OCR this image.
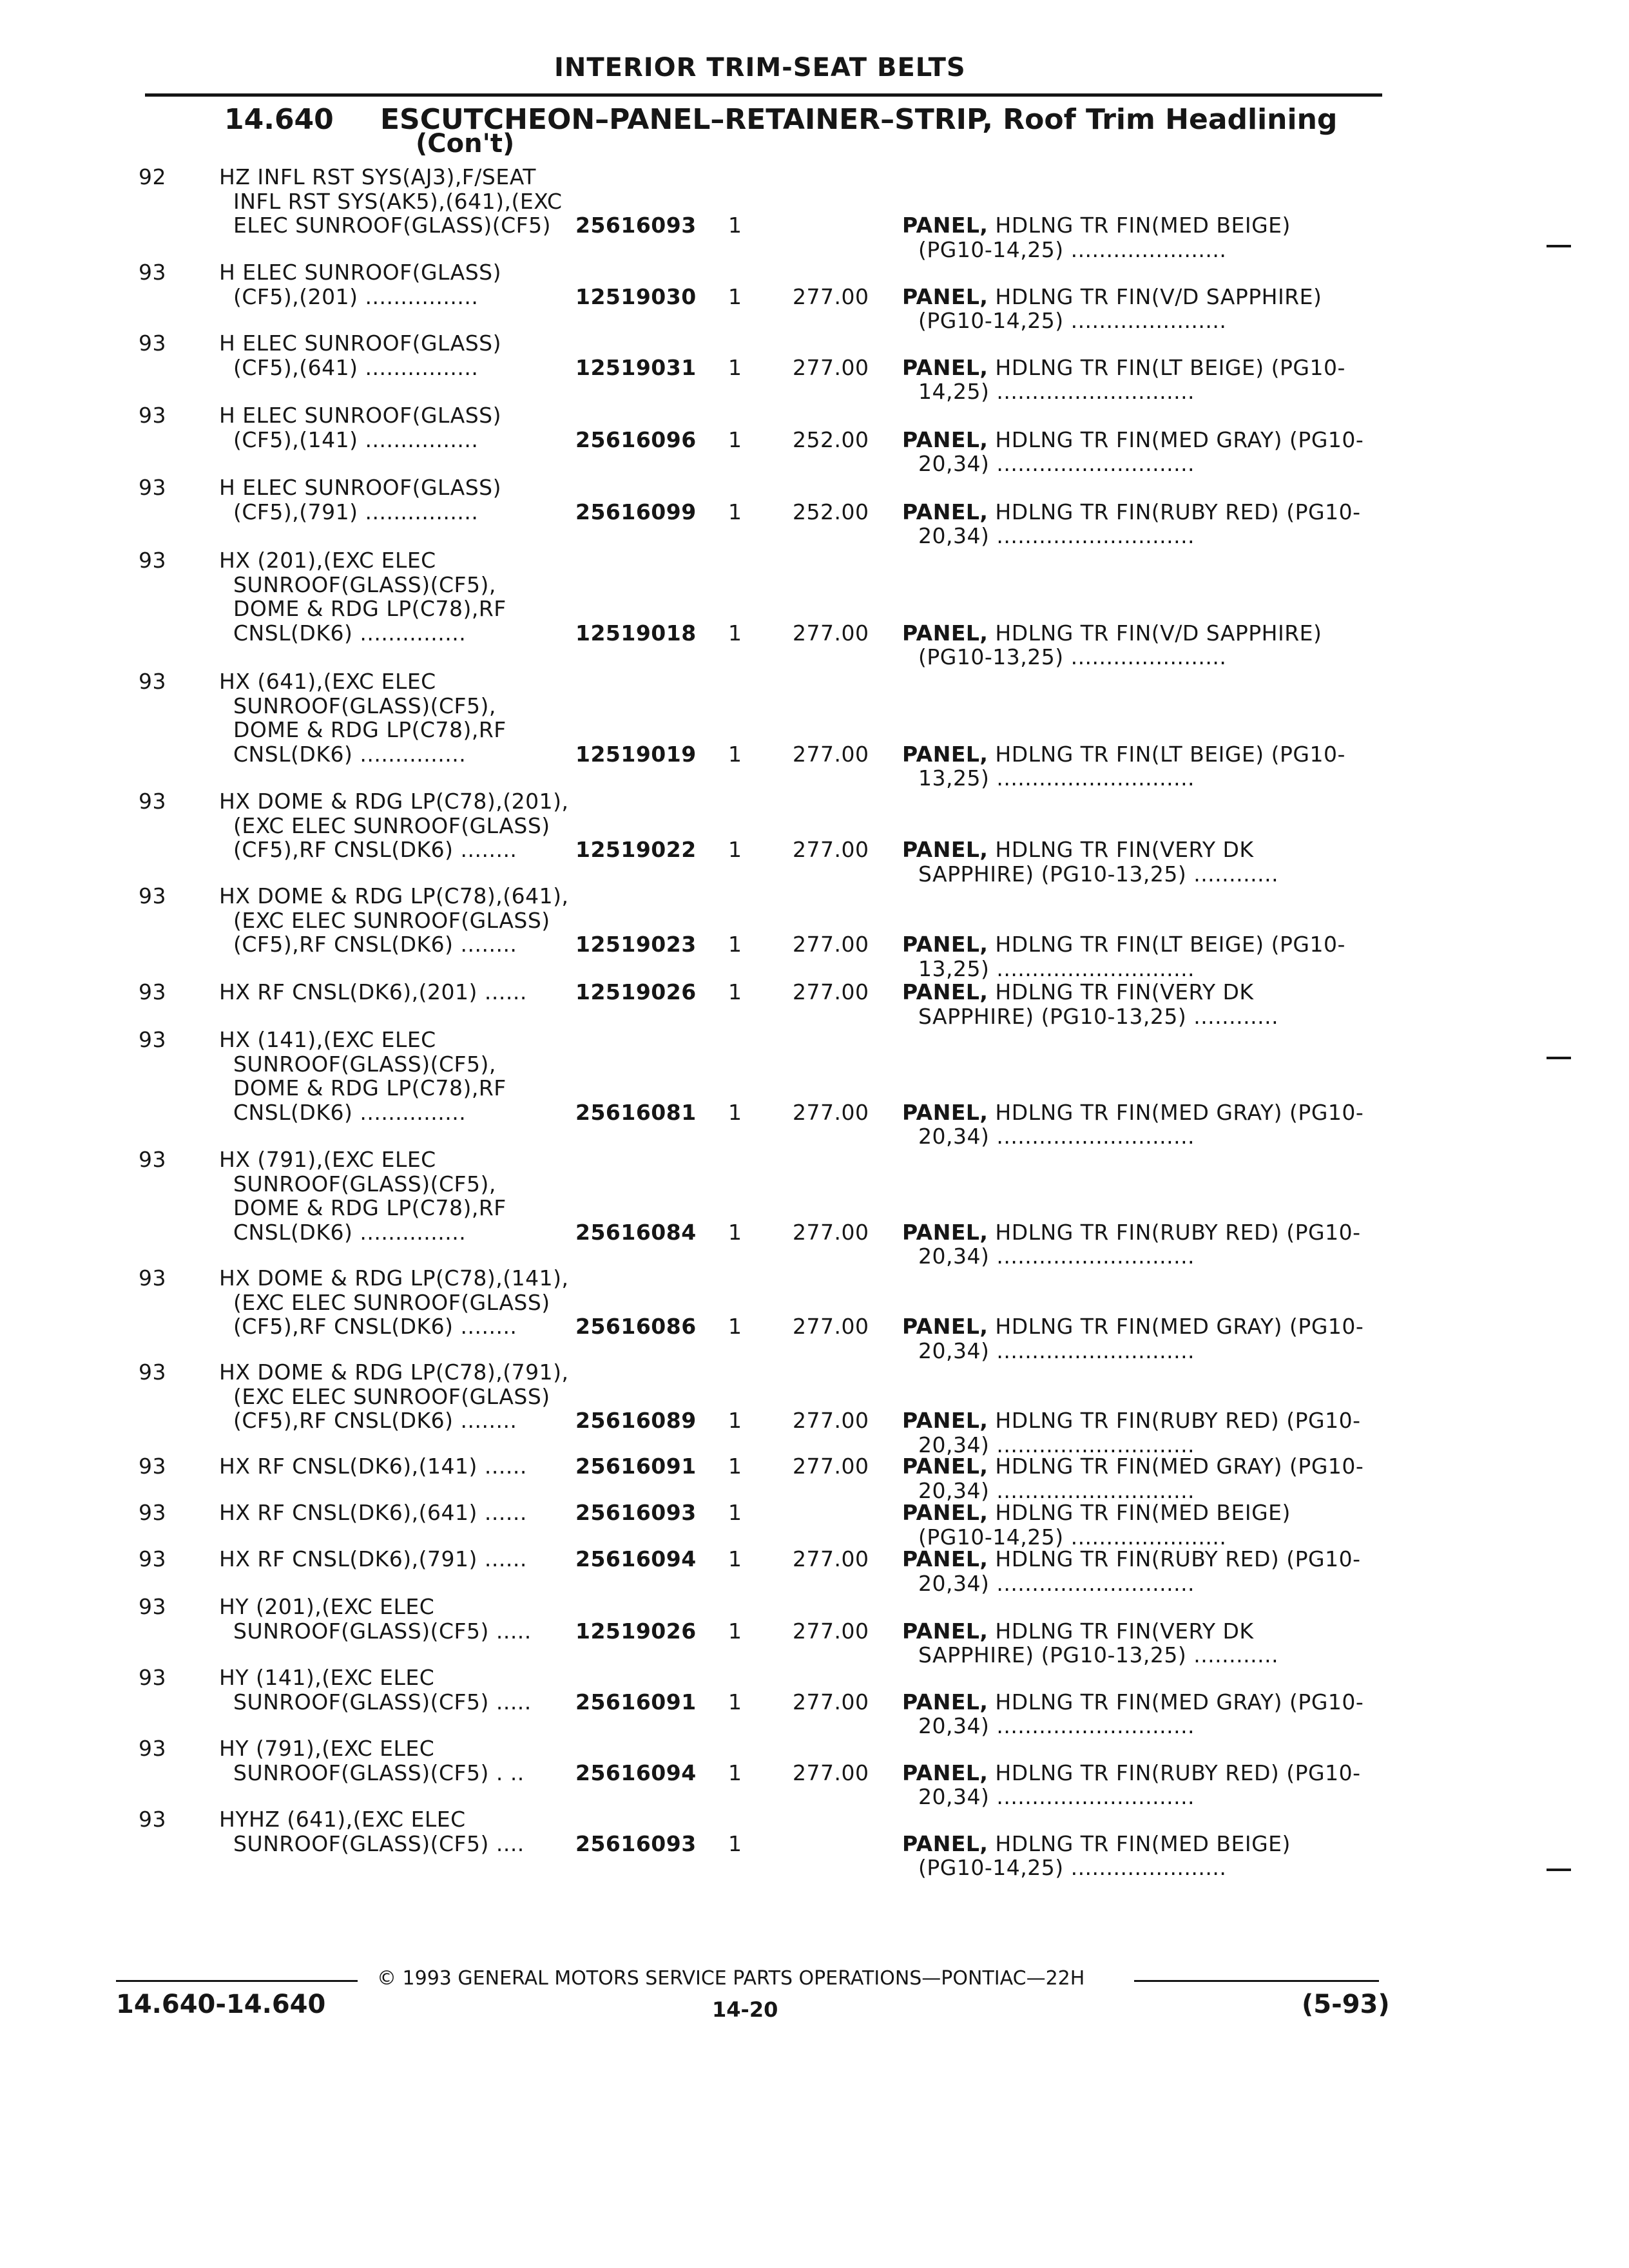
INTERIOR TRIM-SEAT BELTS
14.640 ESCUTCHEON–PANEL–RETAINER–STRIP, Roof Trim Headlining
(Con't)
92 HZ INFL RST SYS(AJ3),F/SEAT
INFL RST SYS(AK5),(641),(EXC
ELEC SUNROOF(GLASS)(CF5) 25616093 1	PANEL, HDLNG TR FIN(MED BEIGE)
(PG10-14,25) ......................
93 H ELEC SUNROOF(GLASS)
(CF5),(201) ................	12519030 1 277.00 PANEL, HDLNG TR FIN(V/D SAPPHIRE)
(PG10-14,25) ......................
93 H ELEC SUNROOF(GLASS)
(CF5),(641) ................	12519031 1 277.00 PANEL, HDLNG TR FIN(LT BEIGE) (PG10-
14,25) ............................
93 H ELEC SUNROOF(GLASS)
(CF5),(141) ................	25616096 1 252.00 PANEL, HDLNG TR FIN(MED GRAY) (PG10-
20,34) ............................
93 H ELEC SUNROOF(GLASS)
(CF5),(791) ................	25616099 1 252.00 PANEL, HDLNG TR FIN(RUBY RED) (PG10-
20,34) ............................
93 HX (201),(EXC ELEC
SUNROOF(GLASS)(CF5),
DOME & RDG LP(C78),RF
CNSL(DK6) ...............	12519018 1 277.00 PANEL, HDLNG TR FIN(V/D SAPPHIRE)
(PG10-13,25) ......................
93 HX (641),(EXC ELEC
SUNROOF(GLASS)(CF5),
DOME & RDG LP(C78),RF
CNSL(DK6) ...............	12519019 1 277.00 PANEL, HDLNG TR FIN(LT BEIGE) (PG10-
13,25) ............................
93 HX DOME & RDG LP(C78),(201),
(EXC ELEC SUNROOF(GLASS)
(CF5),RF CNSL(DK6) ........	12519022 1 277.00 PANEL, HDLNG TR FIN(VERY DK
SAPPHIRE) (PG10-13,25) ............
93 HX DOME & RDG LP(C78),(641),
(EXC ELEC SUNROOF(GLASS)
(CF5),RF CNSL(DK6) ........	12519023 1 277.00 PANEL, HDLNG TR FIN(LT BEIGE) (PG10-
13,25) ............................
93 HX RF CNSL(DK6),(201) ...... 12519026 1 277.00 PANEL, HDLNG TR FIN(VERY DK
SAPPHIRE) (PG10-13,25) ............
93 HX (141),(EXC ELEC
SUNROOF(GLASS)(CF5),
DOME & RDG LP(C78),RF
CNSL(DK6) ...............	25616081 1 277.00 PANEL, HDLNG TR FIN(MED GRAY) (PG10-
20,34) ............................
93 HX (791),(EXC ELEC
SUNROOF(GLASS)(CF5),
DOME & RDG LP(C78),RF
CNSL(DK6) ...............	25616084 1 277.00 PANEL, HDLNG TR FIN(RUBY RED) (PG10-
20,34) ............................
93 HX DOME & RDG LP(C78),(141),
(EXC ELEC SUNROOF(GLASS)
(CF5),RF CNSL(DK6) ........	25616086 1 277.00 PANEL, HDLNG TR FIN(MED GRAY) (PG10-
20,34) ............................
93 HX DOME & RDG LP(C78),(791),
(EXC ELEC SUNROOF(GLASS)
(CF5),RF CNSL(DK6) ........	25616089 1 277.00 PANEL, HDLNG TR FIN(RUBY RED) (PG10-
20,34) ............................
93 HX RF CNSL(DK6),(141) ...... 25616091 1 277.00 PANEL, HDLNG TR FIN(MED GRAY) (PG10-
20,34) ............................
93 HX RF CNSL(DK6),(641) ...... 25616093 1	PANEL, HDLNG TR FIN(MED BEIGE)
(PG10-14,25) ......................
93 HX RF CNSL(DK6),(791) ...... 25616094 1 277.00 PANEL, HDLNG TR FIN(RUBY RED) (PG10-
20,34) ............................
93 HY (201),(EXC ELEC
SUNROOF(GLASS)(CF5) ..... 12519026 1 277.00 PANEL, HDLNG TR FIN(VERY DK
SAPPHIRE) (PG10-13,25) ............
93 HY (141),(EXC ELEC
SUNROOF(GLASS)(CF5) ..... 25616091 1 277.00 PANEL, HDLNG TR FIN(MED GRAY) (PG10-
20,34) ............................
93 HY (791),(EXC ELEC
SUNROOF(GLASS)(CF5) . .. 25616094 1 277.00 PANEL, HDLNG TR FIN(RUBY RED) (PG10-
20,34) ............................
93 HYHZ (641),(EXC ELEC
SUNROOF(GLASS)(CF5) .... 25616093 1	PANEL, HDLNG TR FIN(MED BEIGE)
(PG10-14,25) ......................
© 1993 GENERAL MOTORS SERVICE PARTS OPERATIONS—PONTIAC—22H
14.640-14.640	14-20	(5-93)
